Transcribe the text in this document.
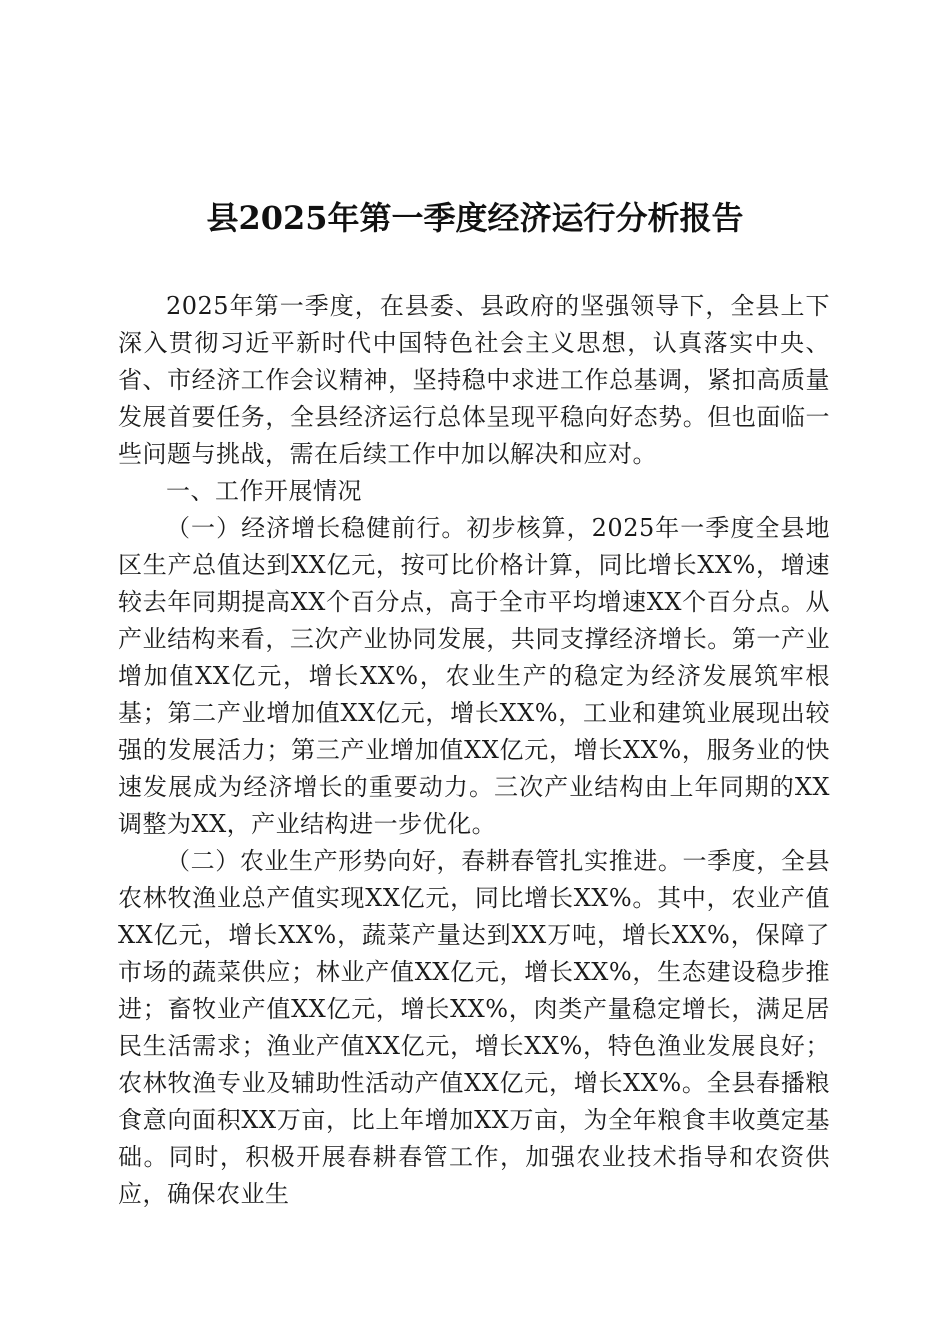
县2025年第一季度经济运行分析报告

2025年第一季度，在县委、县政府的坚强领导下，全县上下深入贯彻习近平新时代中国特色社会主义思想，认真落实中央、省、市经济工作会议精神，坚持稳中求进工作总基调，紧扣高质量发展首要任务，全县经济运行总体呈现平稳向好态势。但也面临一些问题与挑战，需在后续工作中加以解决和应对。

一、工作开展情况

（一）经济增长稳健前行。初步核算，2025年一季度全县地区生产总值达到XX亿元，按可比价格计算，同比增长XX%，增速较去年同期提高XX个百分点，高于全市平均增速XX个百分点。从产业结构来看，三次产业协同发展，共同支撑经济增长。第一产业增加值XX亿元，增长XX%，农业生产的稳定为经济发展筑牢根基；第二产业增加值XX亿元，增长XX%，工业和建筑业展现出较强的发展活力；第三产业增加值XX亿元，增长XX%，服务业的快速发展成为经济增长的重要动力。三次产业结构由上年同期的XX调整为XX，产业结构进一步优化。

（二）农业生产形势向好，春耕春管扎实推进。一季度，全县农林牧渔业总产值实现XX亿元，同比增长XX%。其中，农业产值XX亿元，增长XX%，蔬菜产量达到XX万吨，增长XX%，保障了市场的蔬菜供应；林业产值XX亿元，增长XX%，生态建设稳步推进；畜牧业产值XX亿元，增长XX%，肉类产量稳定增长，满足居民生活需求；渔业产值XX亿元，增长XX%，特色渔业发展良好；农林牧渔专业及辅助性活动产值XX亿元，增长XX%。全县春播粮食意向面积XX万亩，比上年增加XX万亩，为全年粮食丰收奠定基础。同时，积极开展春耕春管工作，加强农业技术指导和农资供应，确保农业生
